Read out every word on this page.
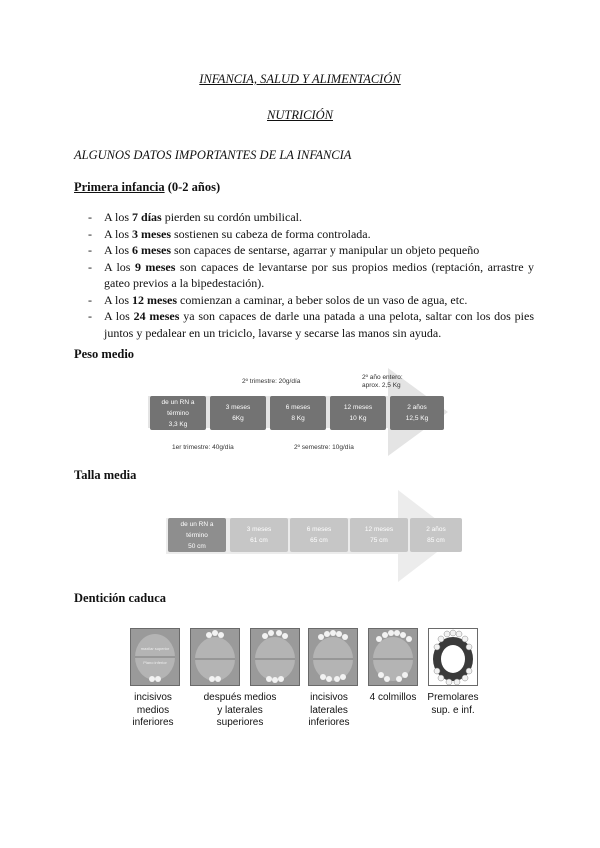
INFANCIA, SALUD Y ALIMENTACIÓN
NUTRICIÓN
ALGUNOS DATOS IMPORTANTES DE LA INFANCIA
Primera infancia (0-2 años)
- A los 7 días pierden su cordón umbilical.
- A los 3 meses sostienen su cabeza de forma controlada.
- A los 6 meses son capaces de sentarse, agarrar y manipular un objeto pequeño
- A los 9 meses son capaces de levantarse por sus propios medios (reptación, arrastre y gateo previos a la bipedestación).
- A los 12 meses comienzan a caminar, a beber solos de un vaso de agua, etc.
- A los 24 meses ya son capaces de darle una patada a una pelota, saltar con los dos pies juntos y pedalear en un triciclo, lavarse y secarse las manos sin ayuda.
Peso medio
2º trimestre: 20g/día
2º año entero:
aprox. 2,5 Kg
1er trimestre: 40g/día	2º semestre: 10g/día
de un RN a
término
3,3 Kg
3 meses
6Kg
6 meses
8 Kg
12 meses
10 Kg
2 años
12,5 Kg
Talla media
de un RN a
término
50 cm
3 meses
61 cm
6 meses
65 cm
12 meses
75 cm
2 años
85 cm
Dentición caduca
maxilar superior
Plano inferior
incisivos
medios
inferiores
después medios
y laterales
superiores
incisivos
laterales
inferiores
4 colmillos	Premolares
sup. e inf.
